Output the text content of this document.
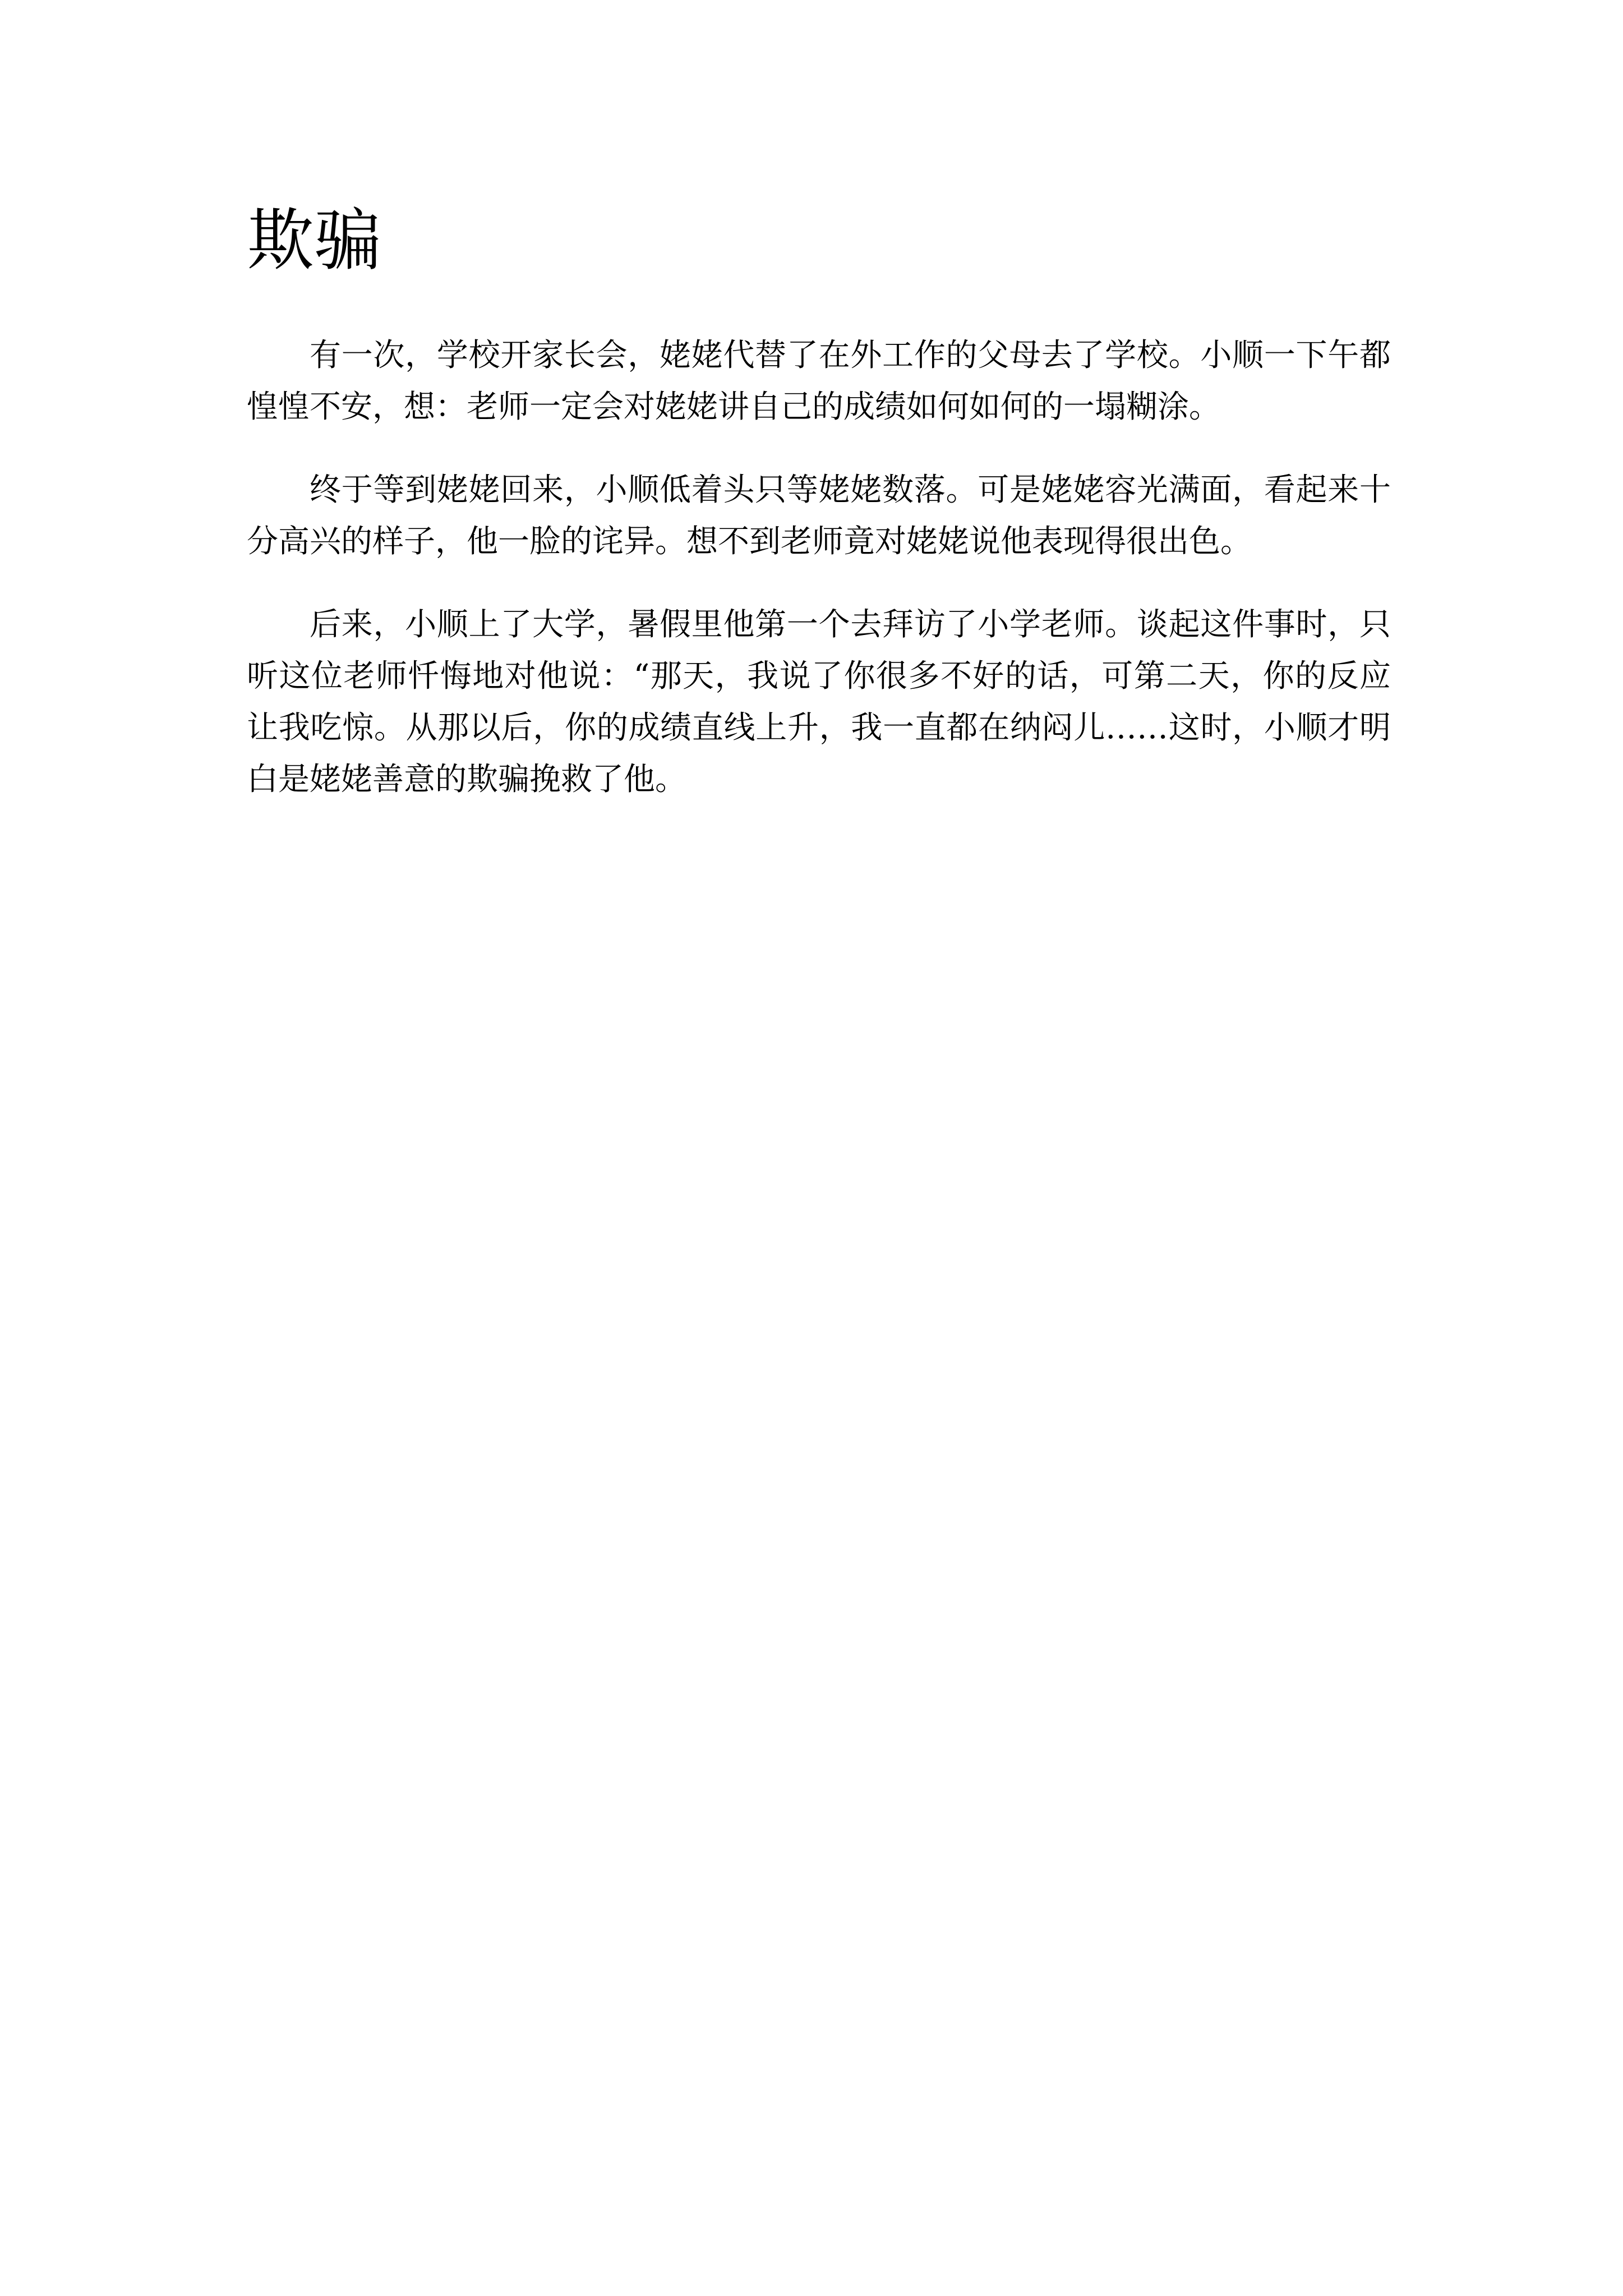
欺骗

有一次，学校开家长会，姥姥代替了在外工作的父母去了学校。小顺一下午都惶惶不安，想：老师一定会对姥姥讲自己的成绩如何如何的一塌糊涂。

终于等到姥姥回来，小顺低着头只等姥姥数落。可是姥姥容光满面，看起来十分高兴的样子，他一脸的诧异。想不到老师竟对姥姥说他表现得很出色。

后来，小顺上了大学，暑假里他第一个去拜访了小学老师。谈起这件事时，只听这位老师忏悔地对他说：“那天，我说了你很多不好的话，可第二天，你的反应让我吃惊。从那以后，你的成绩直线上升，我一直都在纳闷儿……这时，小顺才明白是姥姥善意的欺骗挽救了他。
